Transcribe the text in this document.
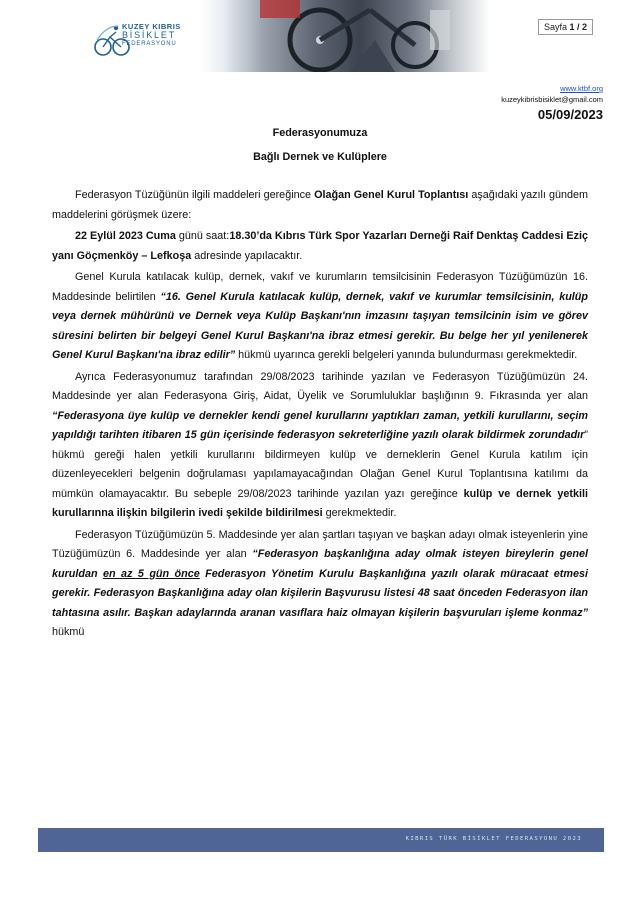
KUZEY KIBRIS
BİSİKLET
FEDERASYONU
Sayfa 1 / 2
www.ktbf.org
kuzeykibrisbisiklet@gmail.com
05/09/2023
Federasyonumuza
Bağlı Dernek ve Kulüplere

Federasyon Tüzüğünün ilgili maddeleri gereğince Olağan Genel Kurul Toplantısı aşağıdaki yazılı gündem maddelerini görüşmek üzere:

22 Eylül 2023 Cuma günü saat:18.30’da Kıbrıs Türk Spor Yazarları Derneği Raif Denktaş Caddesi Eziç yanı Göçmenköy – Lefkoşa adresinde yapılacaktır.

Genel Kurula katılacak kulüp, dernek, vakıf ve kurumların temsilcisinin Federasyon Tüzüğümüzün 16. Maddesinde belirtilen “16. Genel Kurula katılacak kulüp, dernek, vakıf ve kurumlar temsilcisinin, kulüp veya dernek mühürünü ve Dernek veya Kulüp Başkanı'nın imzasını taşıyan temsilcinin isim ve görev süresini belirten bir belgeyi Genel Kurul Başkanı'na ibraz etmesi gerekir. Bu belge her yıl yenilenerek Genel Kurul Başkanı'na ibraz edilir” hükmü uyarınca gerekli belgeleri yanında bulundurması gerekmektedir.

Ayrıca Federasyonumuz tarafından 29/08/2023 tarihinde yazılan ve Federasyon Tüzüğümüzün 24. Maddesinde yer alan Federasyona Giriş, Aidat, Üyelik ve Sorumluluklar başlığının 9. Fıkrasında yer alan “Federasyona üye kulüp ve dernekler kendi genel kurullarını yaptıkları zaman, yetkili kurullarını, seçim yapıldığı tarihten itibaren 15 gün içerisinde federasyon sekreterliğine yazılı olarak bildirmek zorundadır” hükmü gereği halen yetkili kurullarını bildirmeyen kulüp ve derneklerin Genel Kurula katılım için düzenleyecekleri belgenin doğrulaması yapılamayacağından Olağan Genel Kurul Toplantısına katılımı da mümkün olamayacaktır. Bu sebeple 29/08/2023 tarihinde yazılan yazı gereğince kulüp ve dernek yetkili kurullarınna ilişkin bilgilerin ivedi şekilde bildirilmesi gerekmektedir.

Federasyon Tüzüğümüzün 5. Maddesinde yer alan şartları taşıyan ve başkan adayı olmak isteyenlerin yine Tüzüğümüzün 6. Maddesinde yer alan “Federasyon başkanlığına aday olmak isteyen bireylerin genel kuruldan en az 5 gün önce Federasyon Yönetim Kurulu Başkanlığına yazılı olarak müracaat etmesi gerekir. Federasyon Başkanlığına aday olan kişilerin Başvurusu listesi 48 saat önceden Federasyon ilan tahtasına asılır. Başkan adaylarında aranan vasıflara haiz olmayan kişilerin başvuruları işleme konmaz” hükmü

KIBRIS TÜRK BİSİKLET FEDERASYONU 2023
